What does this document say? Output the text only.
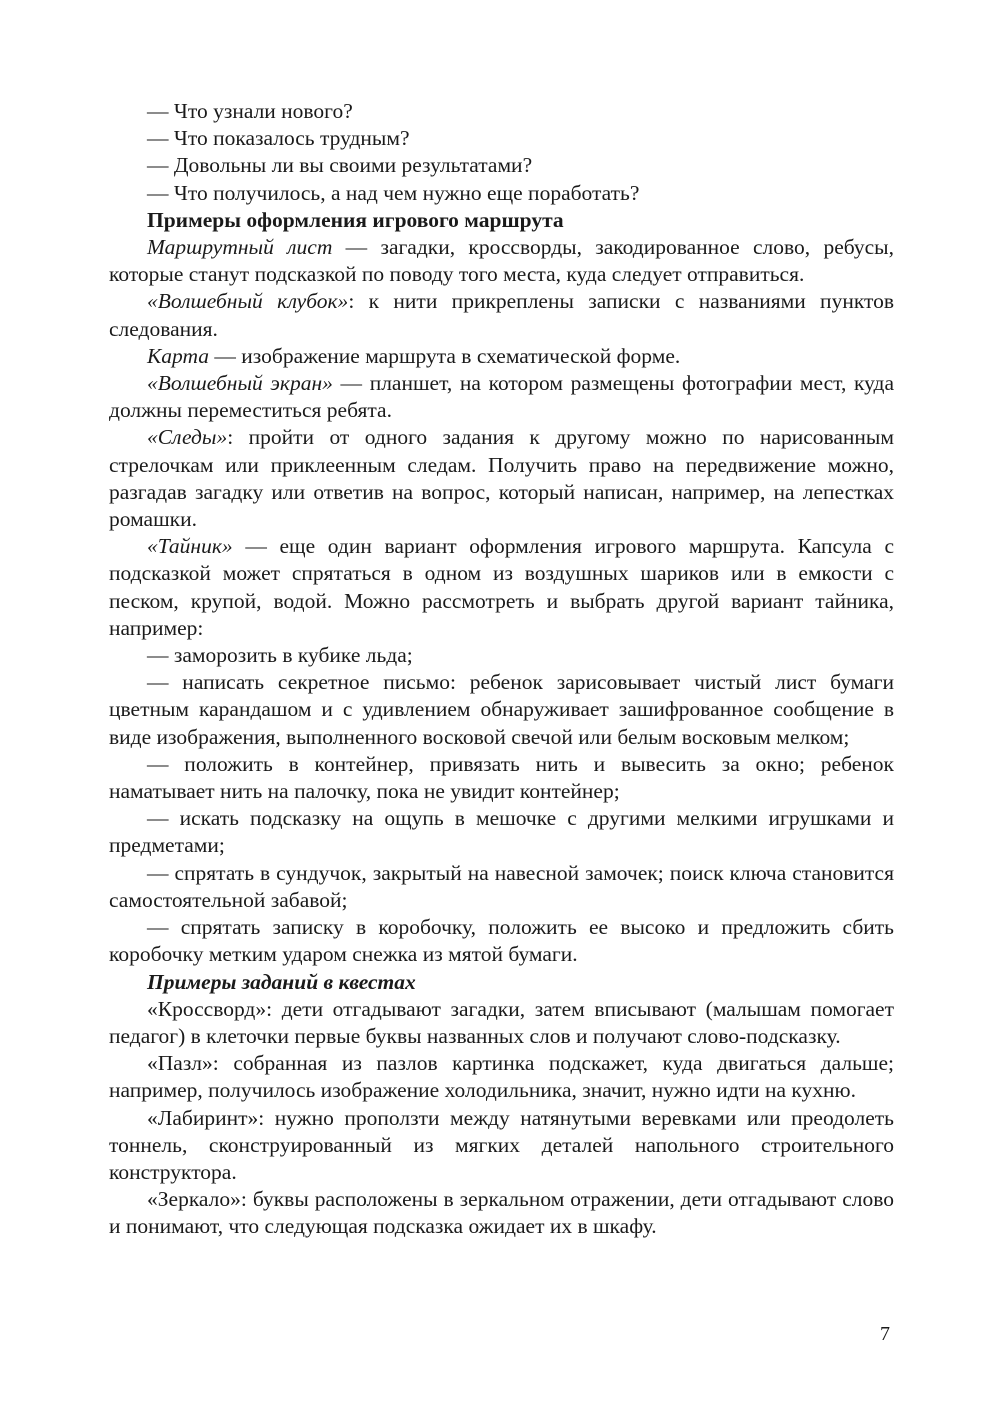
— Что узнали нового?

— Что показалось трудным?

— Довольны ли вы своими результатами?

— Что получилось, а над чем нужно еще поработать?

Примеры оформления игрового маршрута

Маршрутный лист — загадки, кроссворды, закодированное слово, ребусы, которые станут подсказкой по поводу того места, куда следует отправиться.

«Волшебный клубок»: к нити прикреплены записки с названиями пунктов следования.

Карта — изображение маршрута в схематической форме.

«Волшебный экран» — планшет, на котором размещены фотографии мест, куда должны переместиться ребята.

«Следы»: пройти от одного задания к другому можно по нарисованным стрелочкам или приклеенным следам. Получить право на передвижение можно, разгадав загадку или ответив на вопрос, который написан, например, на лепестках ромашки.

«Тайник» — еще один вариант оформления игрового маршрута. Капсула с подсказкой может спрятаться в одном из воздушных шариков или в емкости с песком, крупой, водой. Можно рассмотреть и выбрать другой вариант тайника, например:

— заморозить в кубике льда;

— написать секретное письмо: ребенок зарисовывает чистый лист бумаги цветным карандашом и с удивлением обнаруживает зашифрованное сообщение в виде изображения, выполненного восковой свечой или белым восковым мелком;

— положить в контейнер, привязать нить и вывесить за окно; ребенок наматывает нить на палочку, пока не увидит контейнер;

— искать подсказку на ощупь в мешочке с другими мелкими игрушками и предметами;

— спрятать в сундучок, закрытый на навесной замочек; поиск ключа становится самостоятельной забавой;

— спрятать записку в коробочку, положить ее высоко и предложить сбить коробочку метким ударом снежка из мятой бумаги.

Примеры заданий в квестах

«Кроссворд»: дети отгадывают загадки, затем вписывают (малышам помогает педагог) в клеточки первые буквы названных слов и получают слово-подсказку.

«Пазл»: собранная из пазлов картинка подскажет, куда двигаться дальше; например, получилось изображение холодильника, значит, нужно идти на кухню.

«Лабиринт»: нужно проползти между натянутыми веревками или преодолеть тоннель, сконструированный из мягких деталей напольного строительного конструктора.

«Зеркало»: буквы расположены в зеркальном отражении, дети отгадывают слово и понимают, что следующая подсказка ожидает их в шкафу.

7
